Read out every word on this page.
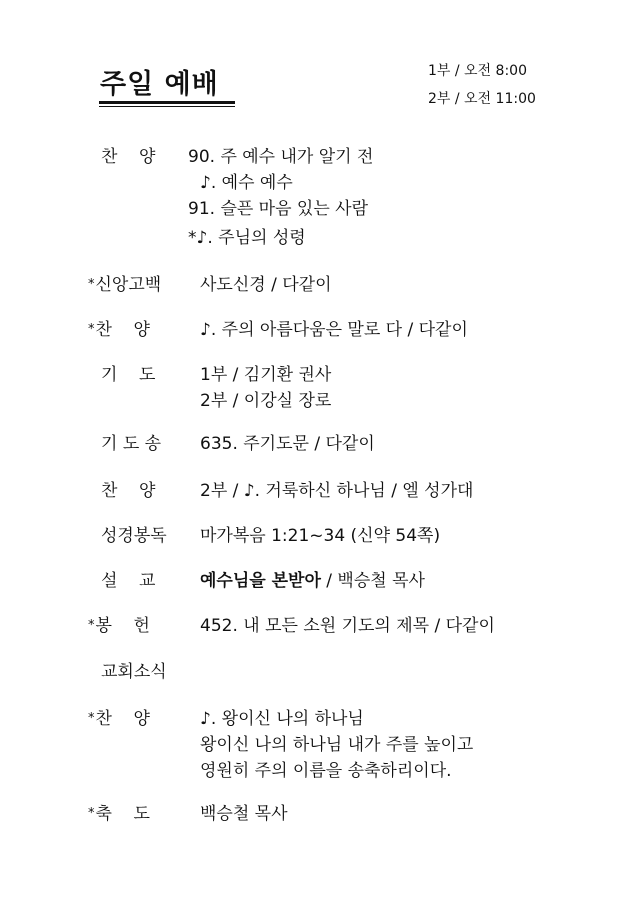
주일 예배	1부 / 오전 8:00
2부 / 오전 11:00
찬    양 90. 주 예수 내가 알기 전
♪. 예수 예수
91. 슬픈 마음 있는 사람
*♪. 주님의 성령
*신앙고백 사도신경 / 다같이
*찬    양	♪. 주의 아름다움은 말로 다 / 다같이
기    도	1부 / 김기환 권사
2부 / 이강실 장로
기 도 송 635. 주기도문 / 다같이
찬    양	2부 / ♪. 거룩하신 하나님 / 엘 성가대
성경봉독 마가복음 1:21~34 (신약 54쪽)
설    교	예수님을 본받아 / 백승철 목사
*봉    헌	452. 내 모든 소원 기도의 제목 / 다같이
교회소식
*찬    양	♪. 왕이신 나의 하나님
왕이신 나의 하나님 내가 주를 높이고
영원히 주의 이름을 송축하리이다.
*축    도	백승철 목사
